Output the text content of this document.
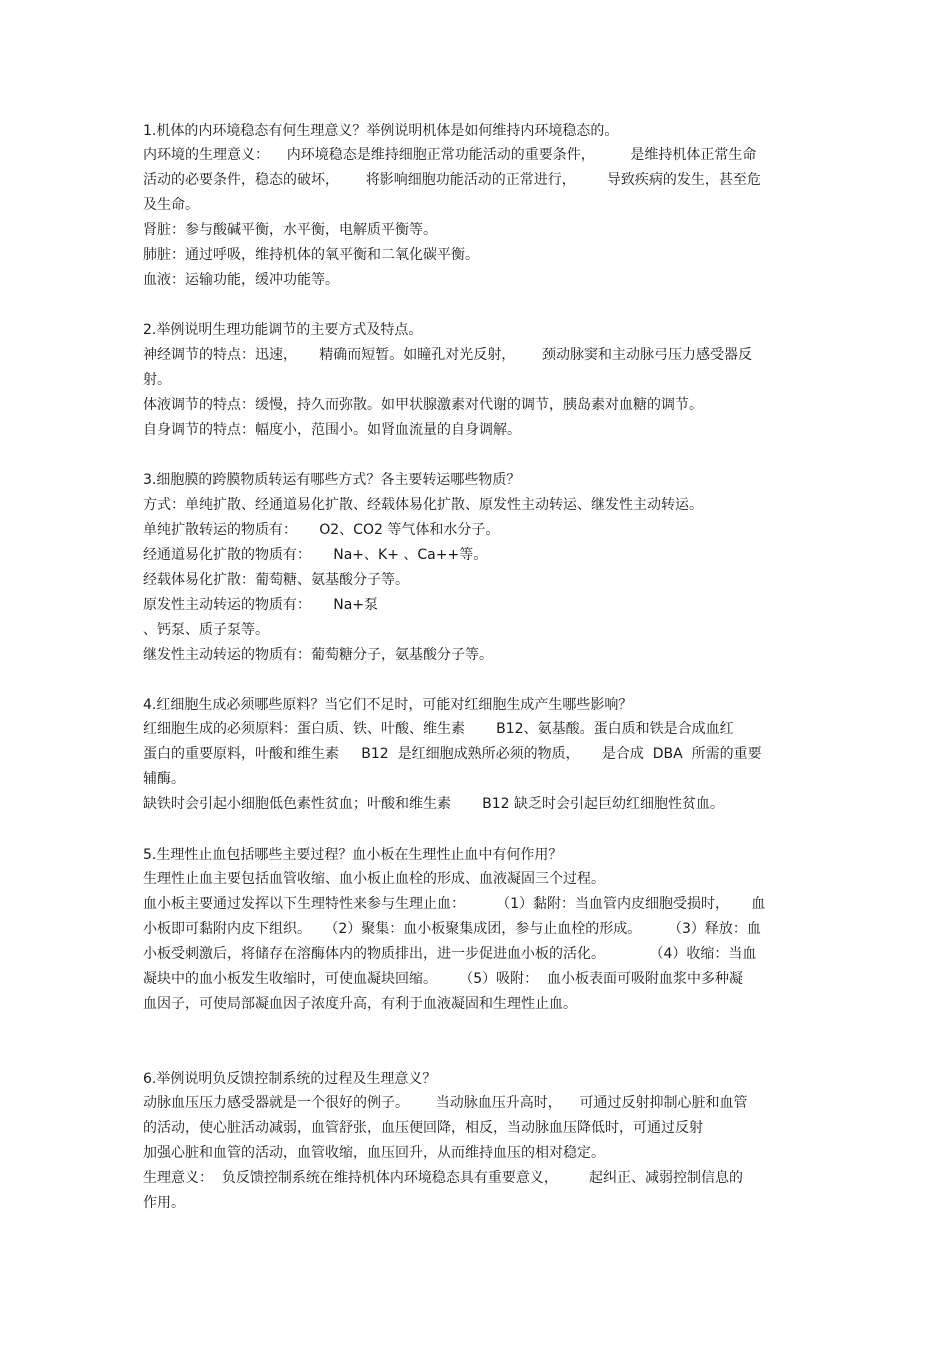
1.机体的内环境稳态有何生理意义？举例说明机体是如何维持内环境稳态的。
内环境的生理意义：    内环境稳态是维持细胞正常功能活动的重要条件，        是维持机体正常生命
活动的必要条件，稳态的破坏，      将影响细胞功能活动的正常进行，       导致疾病的发生，甚至危
及生命。
肾脏：参与酸碱平衡，水平衡，电解质平衡等。
肺脏：通过呼吸，维持机体的氧平衡和二氧化碳平衡。
血液：运输功能，缓冲功能等。
2.举例说明生理功能调节的主要方式及特点。
神经调节的特点：迅速，     精确而短暂。如瞳孔对光反射，      颈动脉窦和主动脉弓压力感受器反
射。
体液调节的特点：缓慢，持久而弥散。如甲状腺激素对代谢的调节，胰岛素对血糖的调节。
自身调节的特点：幅度小，范围小。如肾血流量的自身调解。
3.细胞膜的跨膜物质转运有哪些方式？各主要转运哪些物质？
方式：单纯扩散、经通道易化扩散、经载体易化扩散、原发性主动转运、继发性主动转运。
单纯扩散转运的物质有：     O2、CO2 等气体和水分子。
经通道易化扩散的物质有：     Na+、K+ 、Ca++等。
经载体易化扩散：葡萄糖、氨基酸分子等。
原发性主动转运的物质有：     Na+泵
、钙泵、质子泵等。
继发性主动转运的物质有：葡萄糖分子，氨基酸分子等。
4.红细胞生成必须哪些原料？当它们不足时，可能对红细胞生成产生哪些影响？
红细胞生成的必须原料：蛋白质、铁、叶酸、维生素       B12、氨基酸。蛋白质和铁是合成血红
蛋白的重要原料，叶酸和维生素     B12  是红细胞成熟所必须的物质，     是合成  DBA  所需的重要
辅酶。
缺铁时会引起小细胞低色素性贫血；叶酸和维生素       B12 缺乏时会引起巨幼红细胞性贫血。
5.生理性止血包括哪些主要过程？血小板在生理性止血中有何作用？
生理性止血主要包括血管收缩、血小板止血栓的形成、血液凝固三个过程。
血小板主要通过发挥以下生理特性来参与生理止血：       （1）黏附：当血管内皮细胞受损时，     血
小板即可黏附内皮下组织。   （2）聚集：血小板聚集成团，参与止血栓的形成。      （3）释放：血
小板受刺激后，将储存在溶酶体内的物质排出，进一步促进血小板的活化。          （4）收缩：当血
凝块中的血小板发生收缩时，可使血凝块回缩。     （5）吸附：  血小板表面可吸附血浆中多种凝
血因子，可使局部凝血因子浓度升高，有利于血液凝固和生理性止血。
6.举例说明负反馈控制系统的过程及生理意义？
动脉血压压力感受器就是一个很好的例子。      当动脉血压升高时，    可通过反射抑制心脏和血管
的活动，使心脏活动减弱，血管舒张，血压便回降，相反，当动脉血压降低时，可通过反射
加强心脏和血管的活动，血管收缩，血压回升，从而维持血压的相对稳定。
生理意义：  负反馈控制系统在维持机体内环境稳态具有重要意义，       起纠正、减弱控制信息的
作用。
